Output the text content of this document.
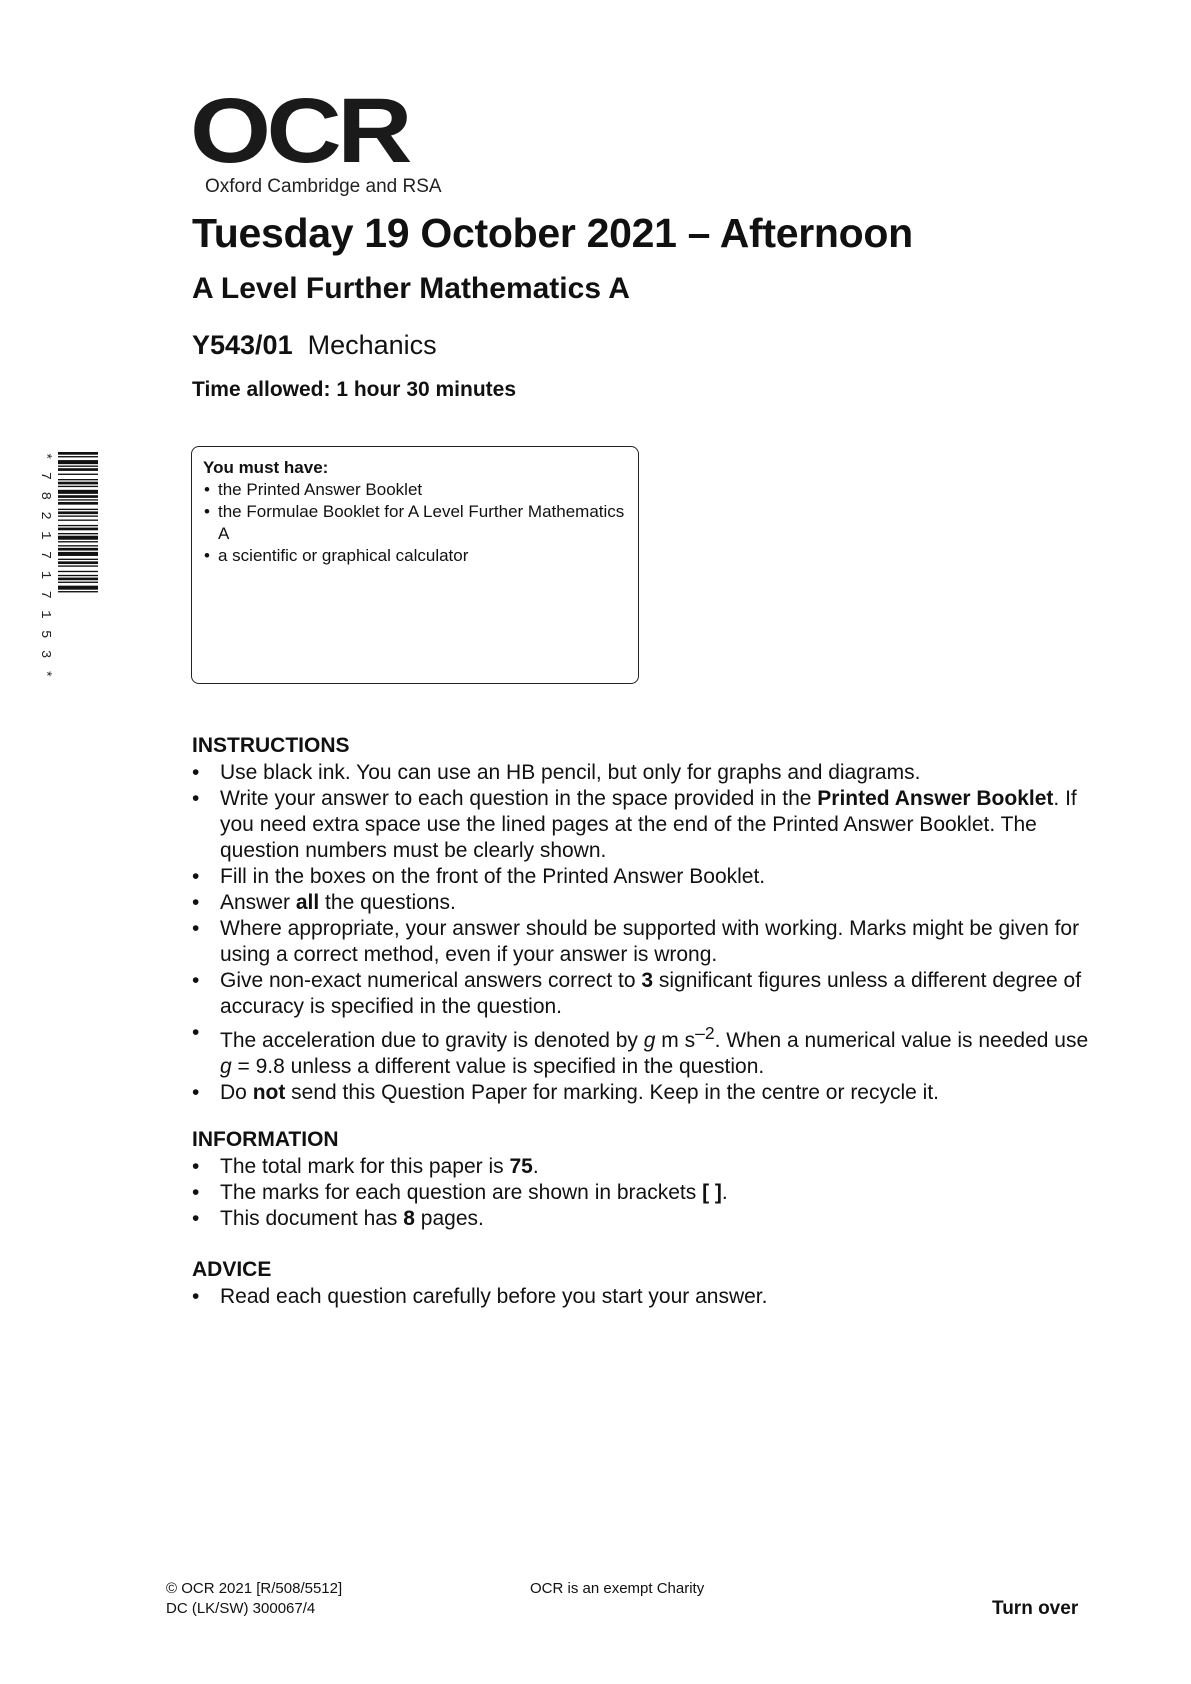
OCR
Oxford Cambridge and RSA
Tuesday 19 October 2021 – Afternoon
A Level Further Mathematics A
Y543/01 Mechanics
Time allowed: 1 hour 30 minutes
* 7 8 2 1 7 1 7 1 5 3 *
You must have:
• the Printed Answer Booklet
• the Formulae Booklet for A Level Further Mathematics A
• a scientific or graphical calculator
INSTRUCTIONS
• Use black ink. You can use an HB pencil, but only for graphs and diagrams.
• Write your answer to each question in the space provided in the Printed Answer Booklet. If you need extra space use the lined pages at the end of the Printed Answer Booklet. The question numbers must be clearly shown.
• Fill in the boxes on the front of the Printed Answer Booklet.
• Answer all the questions.
• Where appropriate, your answer should be supported with working. Marks might be given for using a correct method, even if your answer is wrong.
• Give non-exact numerical answers correct to 3 significant figures unless a different degree of accuracy is specified in the question.
• The acceleration due to gravity is denoted by g m $s^{-2}$. When a numerical value is needed use g = 9.8 unless a different value is specified in the question.
• Do not send this Question Paper for marking. Keep in the centre or recycle it.
INFORMATION
• The total mark for this paper is 75.
• The marks for each question are shown in brackets [ ].
• This document has 8 pages.
ADVICE
• Read each question carefully before you start your answer.
© OCR 2021 [R/508/5512]
DC (LK/SW) 300067/4
OCR is an exempt Charity
Turn over
